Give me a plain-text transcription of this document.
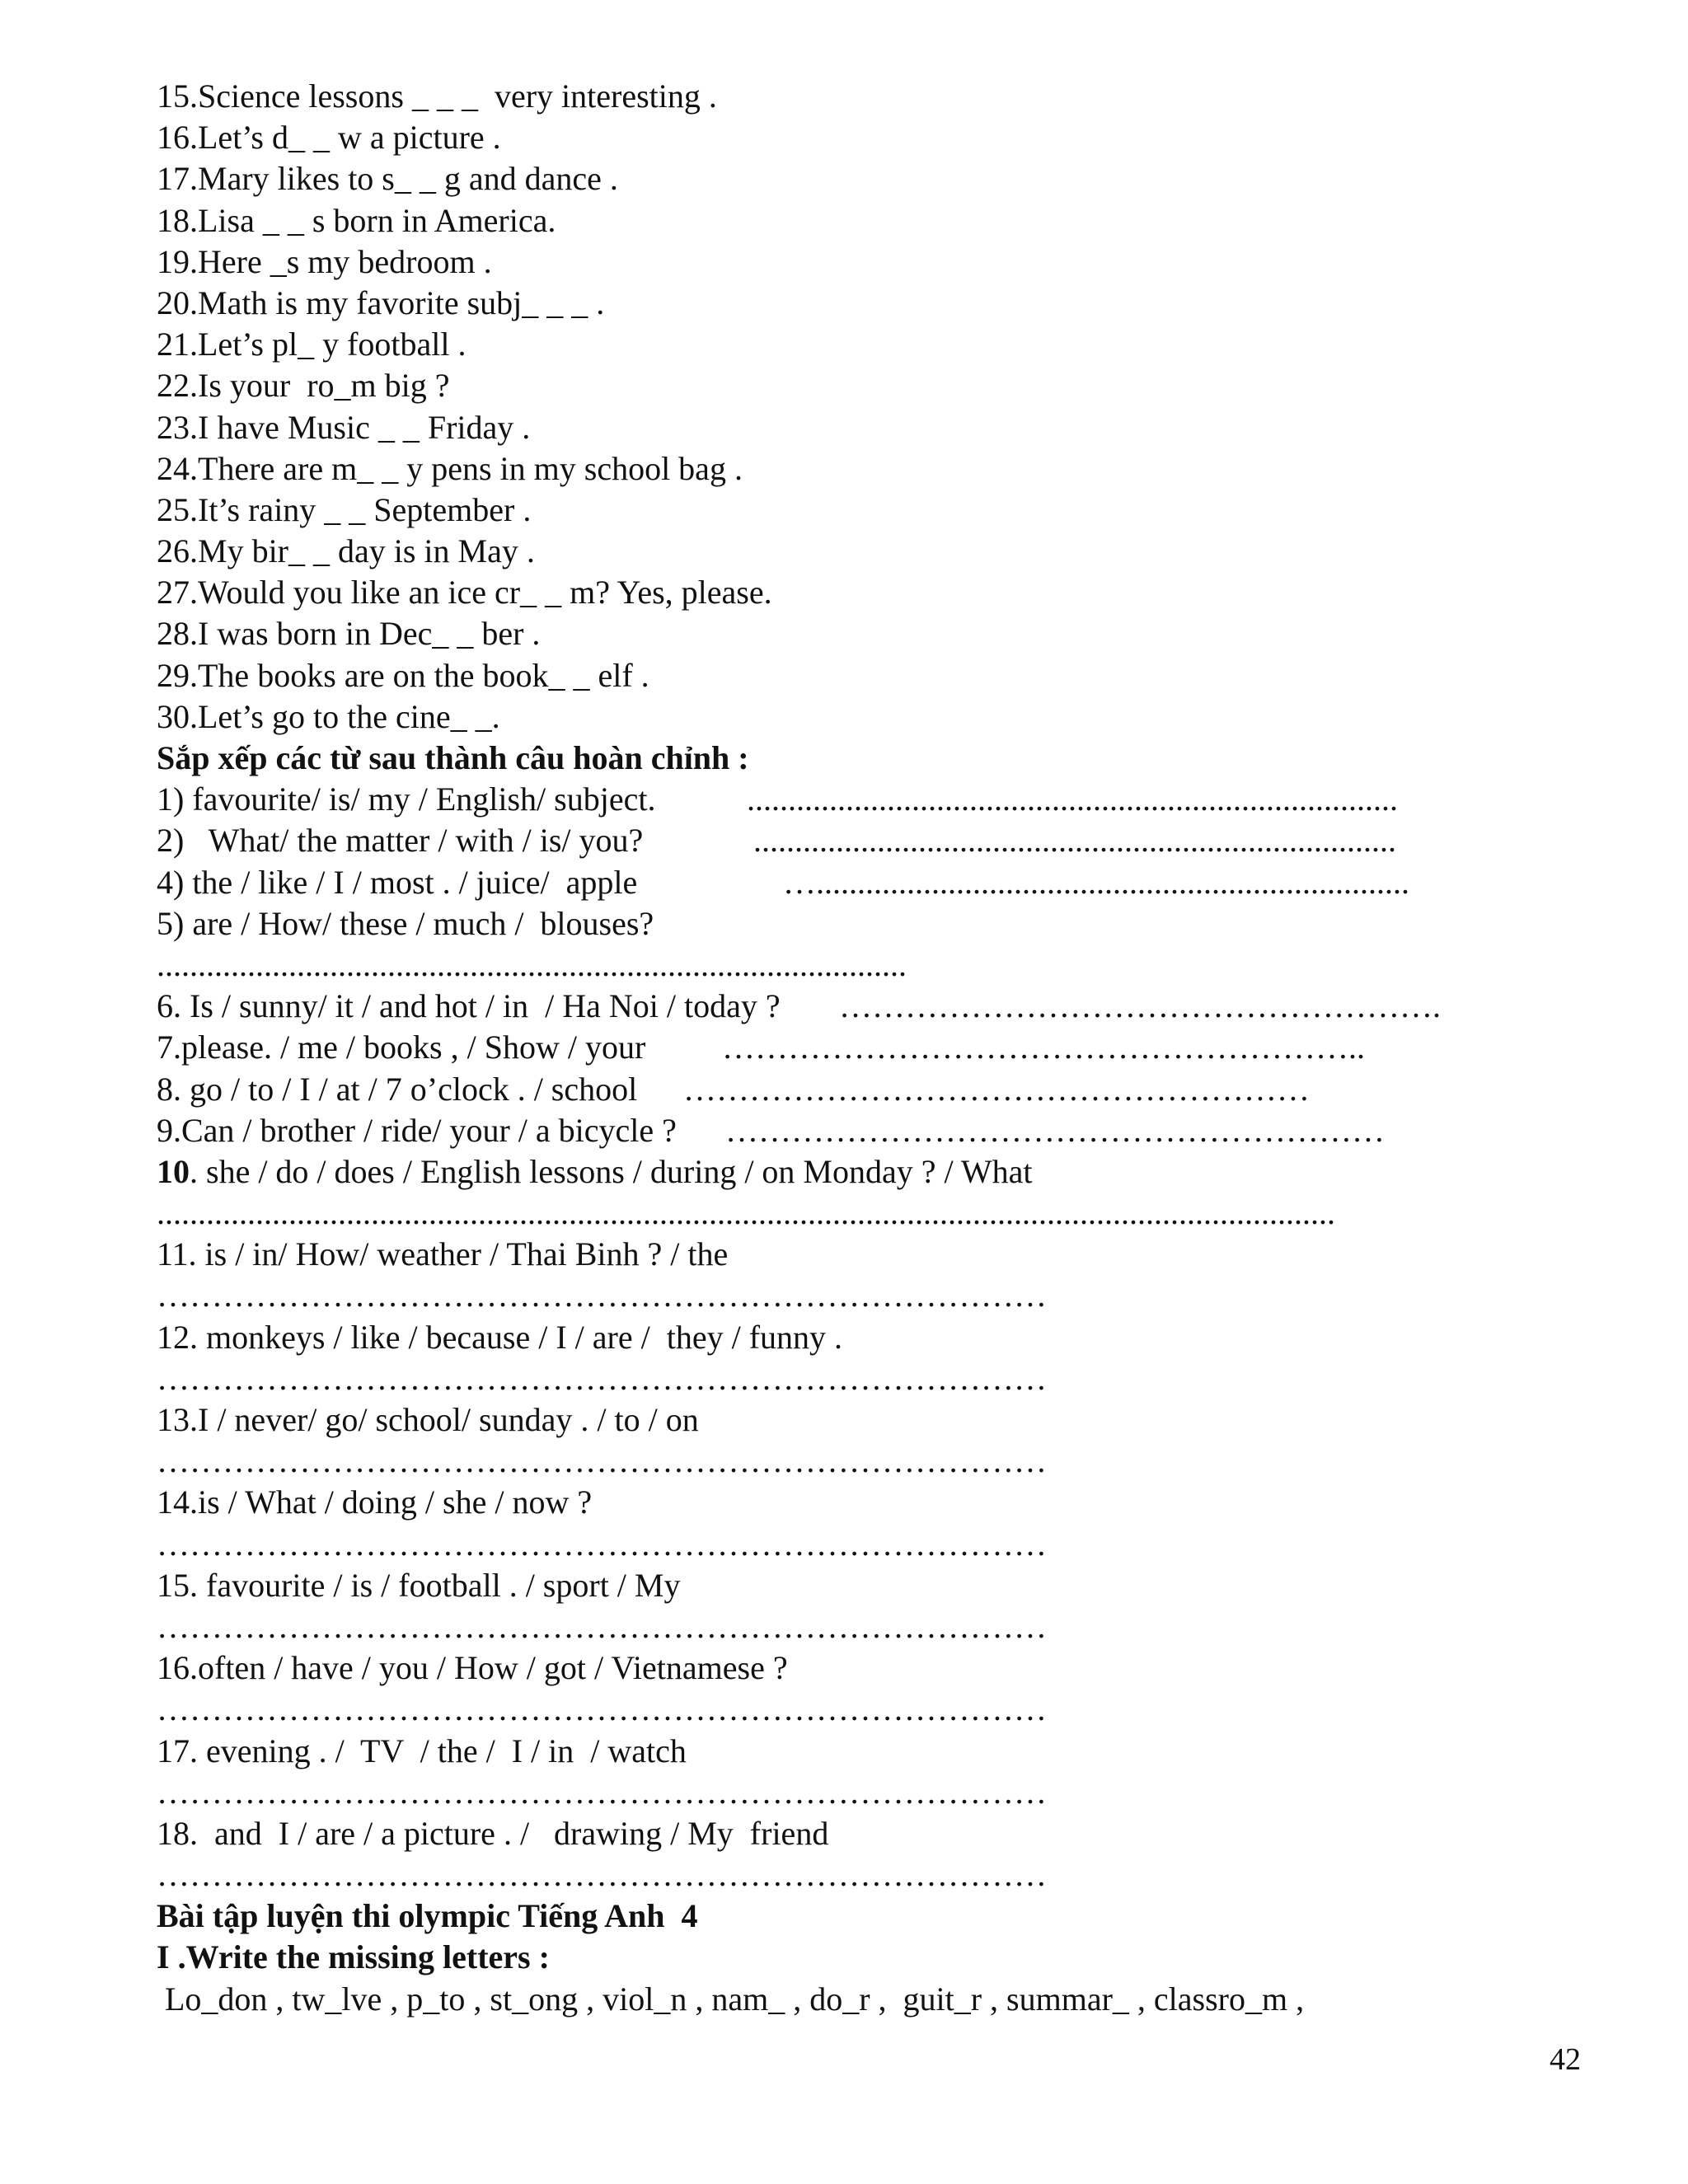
15.Science lessons _ _ _  very interesting .
16.Let’s d_ _ w a picture .
17.Mary likes to s_ _ g and dance .
18.Lisa _ _ s born in America.
19.Here _s my bedroom .
20.Math is my favorite subj_ _ _ .
21.Let’s pl_ y football .
22.Is your  ro_m big ?
23.I have Music _ _ Friday .
24.There are m_ _ y pens in my school bag .
25.It’s rainy _ _ September .
26.My bir_ _ day is in May .
27.Would you like an ice cr_ _ m? Yes, please.
28.I was born in Dec_ _ ber .
29.The books are on the book_ _ elf .
30.Let’s go to the cine_ _.
Sắp xếp các từ sau thành câu hoàn chỉnh :

1) favourite/ is/ my / English/ subject.

	...............................................................................

2)   What/ the matter / with / is/ you?

	..............................................................................

4) the / like / I / most . / juice/  apple

	…........................................................................

5) are / How/ these / much /  blouses?
...........................................................................................

6. Is / sunny/ it / and hot / in  / Ha Noi / today ?

……………………………………………….

7.please. / me / books , / Show / your

…………………………………………………..

8. go / to / I / at / 7 o’clock . / school

…………………………………………………

9.Can / brother / ride/ your / a bicycle ?

……………………………………………………

10. she / do / does / English lessons / during / on Monday ? / What
...............................................................................................................................................
11. is / in/ How/ weather / Thai Binh ? / the
………………………………………………………………………
12. monkeys / like / because / I / are /  they / funny .
………………………………………………………………………
13.I / never/ go/ school/ sunday . / to / on
………………………………………………………………………
14.is / What / doing / she / now ?
………………………………………………………………………
15. favourite / is / football . / sport / My
………………………………………………………………………
16.often / have / you / How / got / Vietnamese ?
………………………………………………………………………
17. evening . /  TV  / the /  I / in  / watch
………………………………………………………………………
18.  and  I / are / a picture . /   drawing / My  friend
………………………………………………………………………
Bài tập luyện thi olympic Tiếng Anh  4
I .Write the missing letters :
Lo_don , tw_lve , p_to , st_ong , viol_n , nam_ , do_r ,  guit_r , summar_ , classro_m ,
42
